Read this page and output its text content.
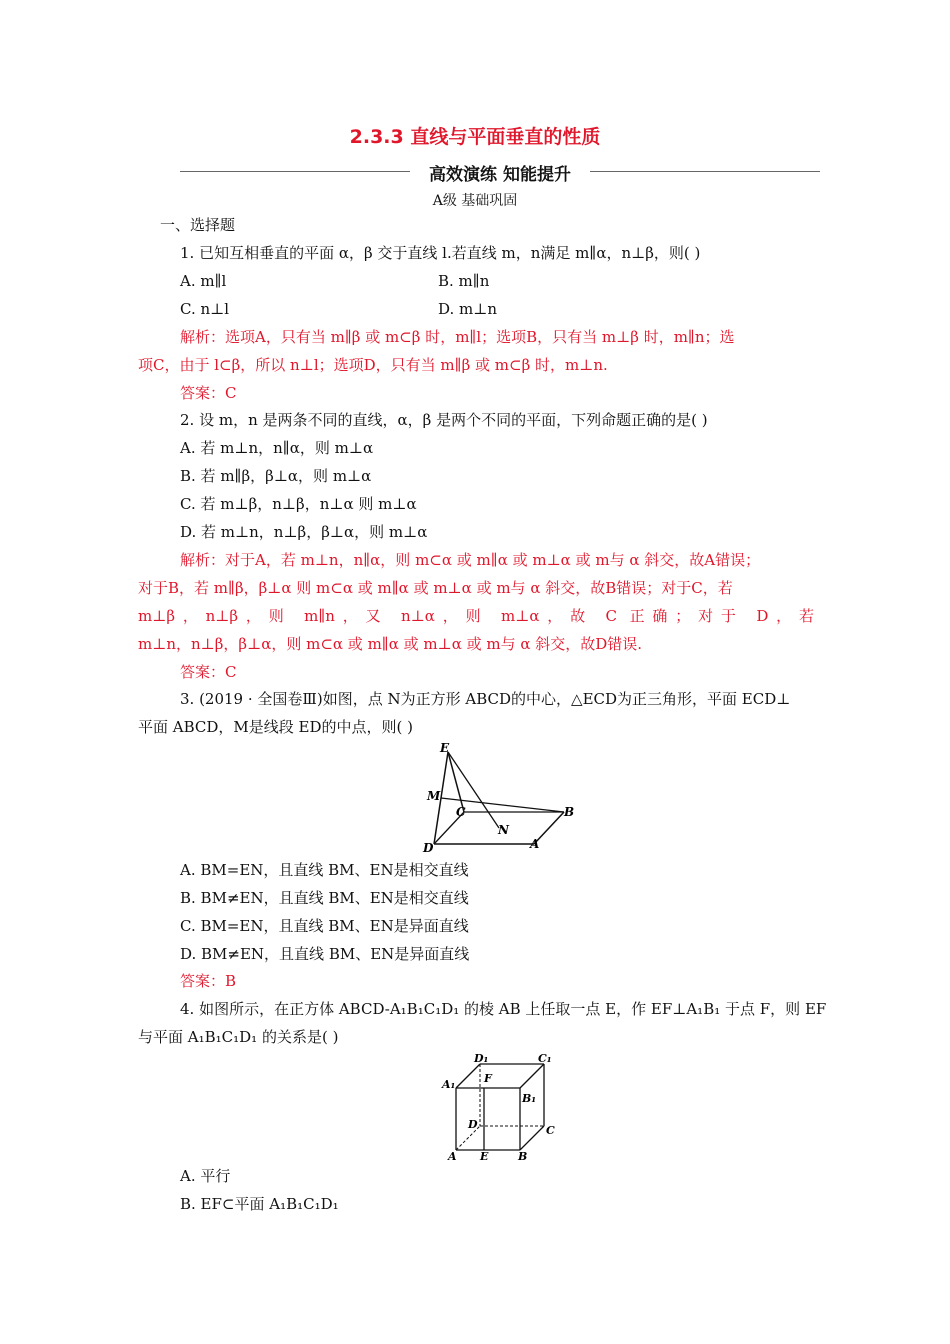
2.3.3 直线与平面垂直的性质
高效演练 知能提升
A级 基础巩固
一、选择题
1. 已知互相垂直的平面 α，β 交于直线 l.若直线 m，n满足 m∥α，n⊥β，则( )
A. m∥l	B. m∥n
C. n⊥l	D. m⊥n
解析：选项A，只有当 m∥β 或 m⊂β 时，m∥l；选项B，只有当 m⊥β 时，m∥n；选
项C，由于 l⊂β，所以 n⊥l；选项D，只有当 m∥β 或 m⊂β 时，m⊥n.
答案：C
2. 设 m，n 是两条不同的直线，α，β 是两个不同的平面，下列命题正确的是( )
A. 若 m⊥n，n∥α，则 m⊥α
B. 若 m∥β，β⊥α，则 m⊥α
C. 若 m⊥β，n⊥β，n⊥α 则 m⊥α
D. 若 m⊥n，n⊥β，β⊥α，则 m⊥α
解析：对于A，若 m⊥n，n∥α，则 m⊂α 或 m∥α 或 m⊥α 或 m与 α 斜交，故A错误；
对于B，若 m∥β，β⊥α 则 m⊂α 或 m∥α 或 m⊥α 或 m与 α 斜交，故B错误；对于C，若
m⊥β，n⊥β，则 m∥n，又 n⊥α，则 m⊥α，故 C 正确；对于 D，若
m⊥n，n⊥β，β⊥α，则 m⊂α 或 m∥α 或 m⊥α 或 m与 α 斜交，故D错误.
答案：C
3. (2019 · 全国卷Ⅲ)如图，点 N为正方形 ABCD的中心，△ECD为正三角形，平面 ECD⊥
平面 ABCD，M是线段 ED的中点，则( )
E
M
C
N
B
D	A
A. BM=EN，且直线 BM、EN是相交直线
B. BM≠EN，且直线 BM、EN是相交直线
C. BM=EN，且直线 BM、EN是异面直线
D. BM≠EN，且直线 BM、EN是异面直线
答案：B
4. 如图所示，在正方体 ABCD-A₁B₁C₁D₁ 的棱 AB 上任取一点 E，作 EF⊥A₁B₁ 于点 F，则 EF
与平面 A₁B₁C₁D₁ 的关系是( )
D₁	C₁
A₁	F
B₁
D	C
A E	B
A. 平行
B. EF⊂平面 A₁B₁C₁D₁
